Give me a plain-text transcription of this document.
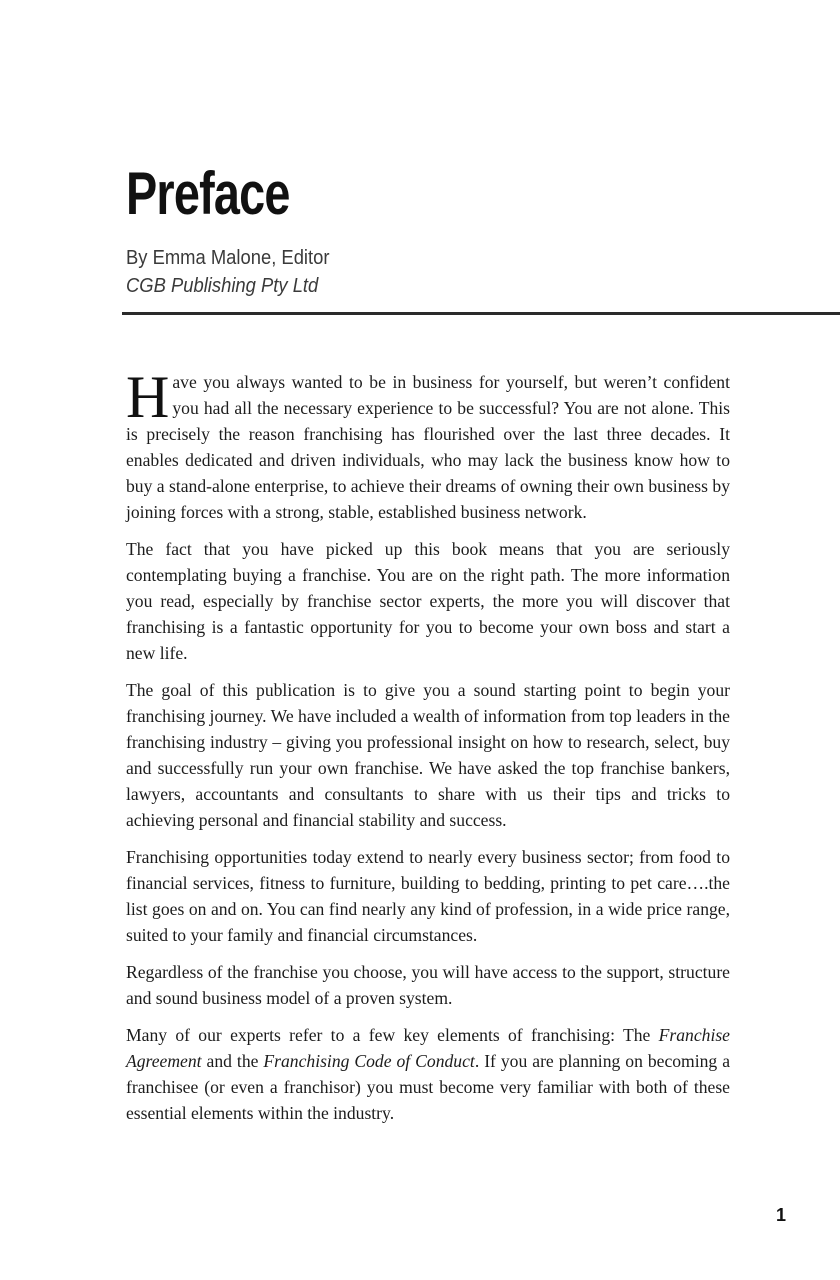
Preface
By Emma Malone, Editor
CGB Publishing Pty Ltd

Have you always wanted to be in business for yourself, but weren’t confident you had all the necessary experience to be successful? You are not alone. This is precisely the reason franchising has flourished over the last three decades. It enables dedicated and driven individuals, who may lack the business know how to buy a stand-alone enterprise, to achieve their dreams of owning their own business by joining forces with a strong, stable, established business network.

The fact that you have picked up this book means that you are seriously contemplating buying a franchise. You are on the right path. The more information you read, especially by franchise sector experts, the more you will discover that franchising is a fantastic opportunity for you to become your own boss and start a new life.

The goal of this publication is to give you a sound starting point to begin your franchising journey. We have included a wealth of information from top leaders in the franchising industry – giving you professional insight on how to research, select, buy and successfully run your own franchise. We have asked the top franchise bankers, lawyers, accountants and consultants to share with us their tips and tricks to achieving personal and financial stability and success.

Franchising opportunities today extend to nearly every business sector; from food to financial services, fitness to furniture, building to bedding, printing to pet care….the list goes on and on. You can find nearly any kind of profession, in a wide price range, suited to your family and financial circumstances.

Regardless of the franchise you choose, you will have access to the support, structure and sound business model of a proven system.

Many of our experts refer to a few key elements of franchising: The Franchise Agreement and the Franchising Code of Conduct. If you are planning on becoming a franchisee (or even a franchisor) you must become very familiar with both of these essential elements within the industry.

1
